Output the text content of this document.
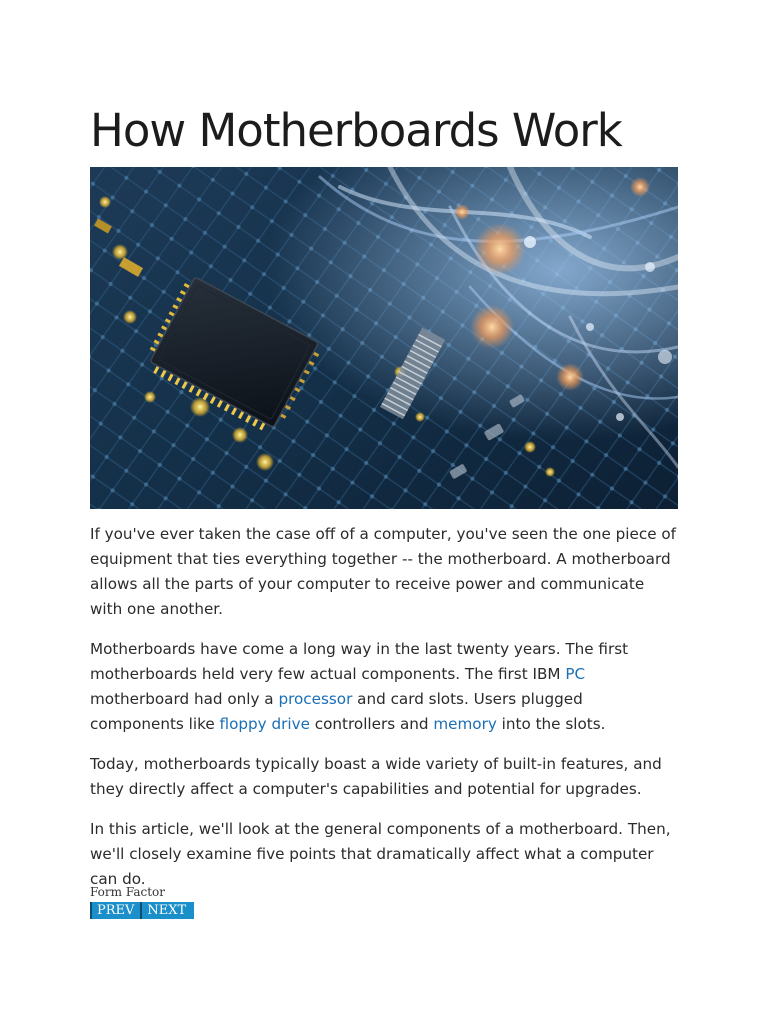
How Motherboards Work

If you've ever taken the case off of a computer, you've seen the one piece of equipment that ties everything together -- the motherboard. A motherboard allows all the parts of your computer to receive power and communicate with one another.

Motherboards have come a long way in the last twenty years. The first motherboards held very few actual components. The first IBM PC motherboard had only a processor and card slots. Users plugged components like floppy drive controllers and memory into the slots.

Today, motherboards typically boast a wide variety of built-in features, and they directly affect a computer's capabilities and potential for upgrades.

In this article, we'll look at the general components of a motherboard. Then, we'll closely examine five points that dramatically affect what a computer can do.

Form Factor
PREV	NEXT
